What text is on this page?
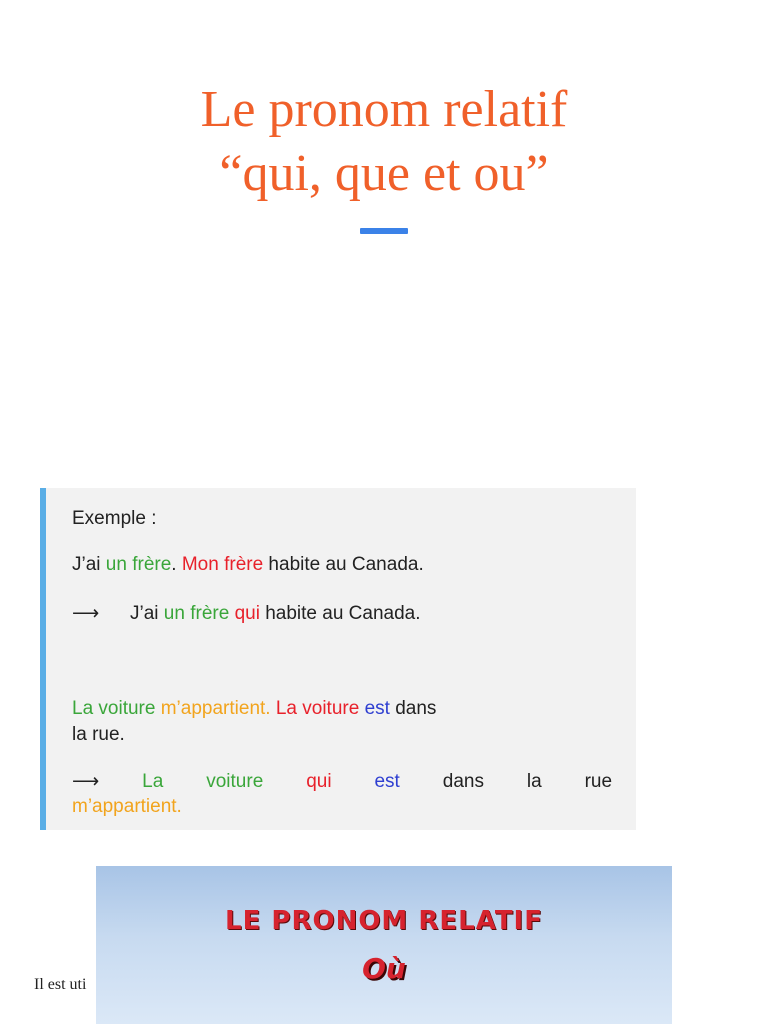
Le pronom relatif
“qui, que et ou”
Exemple :
J’ai un frère. Mon frère habite au Canada.
⟶ J’ai un frère qui habite au Canada.
La voiture m’appartient. La voiture est dans
la rue.
⟶ La voiture qui est dans la rue
m’appartient.
LE PRONOM RELATIF
Où
Il est uti
